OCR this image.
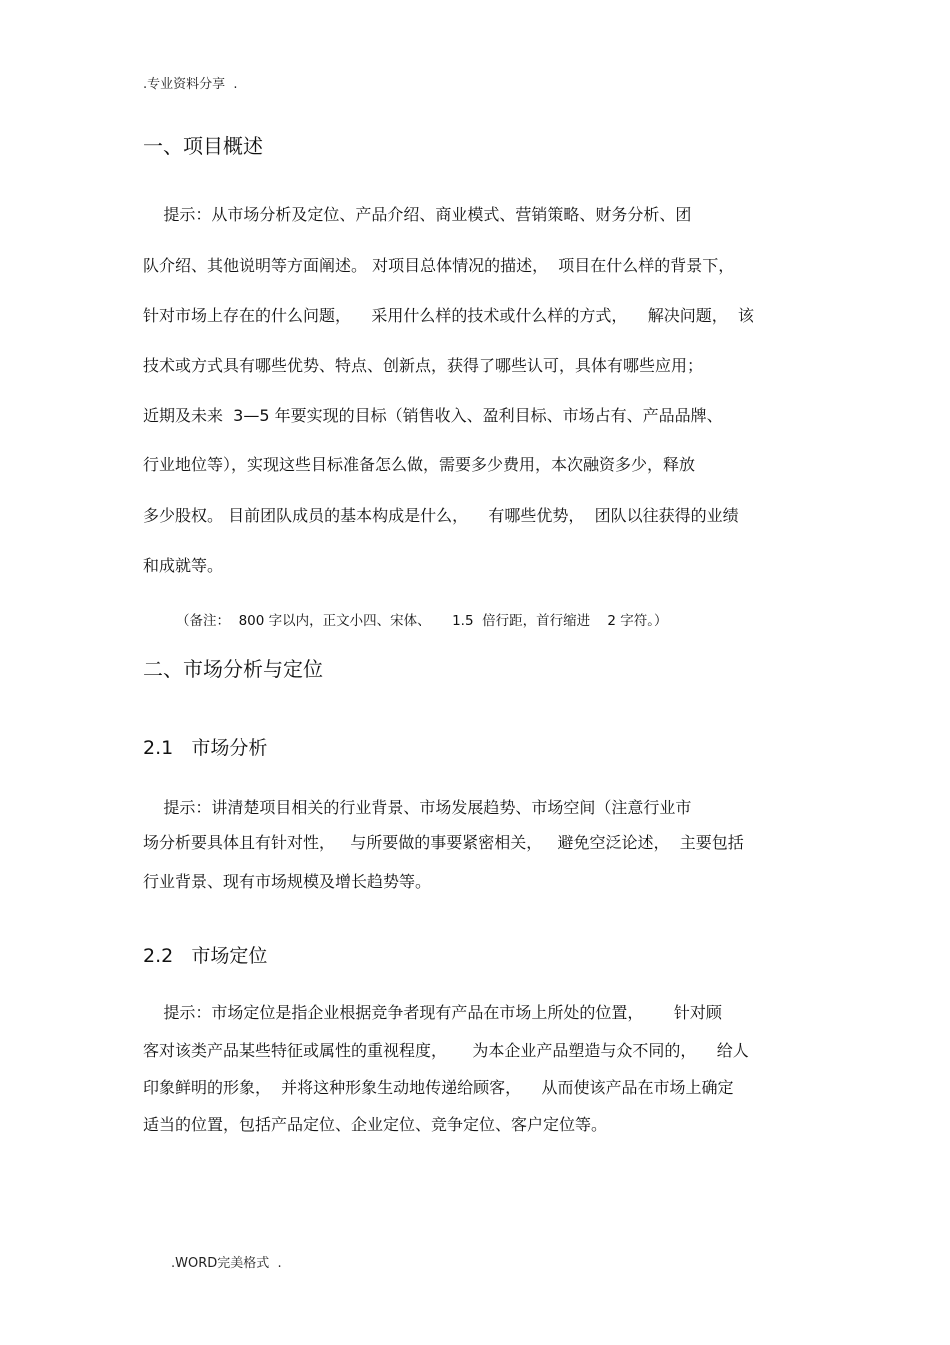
.专业资料分享  .
一、项目概述
提示：从市场分析及定位、产品介绍、商业模式、营销策略、财务分析、团
队介绍、其他说明等方面阐述。 对项目总体情况的描述，  项目在什么样的背景下，
针对市场上存在的什么问题，    采用什么样的技术或什么样的方式，    解决问题，  该
技术或方式具有哪些优势、特点、创新点，获得了哪些认可，具体有哪些应用；
近期及未来  3—5 年要实现的目标（销售收入、盈利目标、市场占有、产品品牌、
行业地位等），实现这些目标准备怎么做，需要多少费用，本次融资多少，释放
多少股权。 目前团队成员的基本构成是什么，    有哪些优势，  团队以往获得的业绩
和成就等。
（备注：  800 字以内，正文小四、宋体、     1.5  倍行距，首行缩进    2 字符。）
二、市场分析与定位
2.1   市场分析
提示：讲清楚项目相关的行业背景、市场发展趋势、市场空间（注意行业市
场分析要具体且有针对性，   与所要做的事要紧密相关，   避免空泛论述，  主要包括
行业背景、现有市场规模及增长趋势等。
2.2   市场定位
提示：市场定位是指企业根据竞争者现有产品在市场上所处的位置，      针对顾
客对该类产品某些特征或属性的重视程度，     为本企业产品塑造与众不同的，    给人
印象鲜明的形象，  并将这种形象生动地传递给顾客，    从而使该产品在市场上确定
适当的位置，包括产品定位、企业定位、竞争定位、客户定位等。
.WORD完美格式  .
